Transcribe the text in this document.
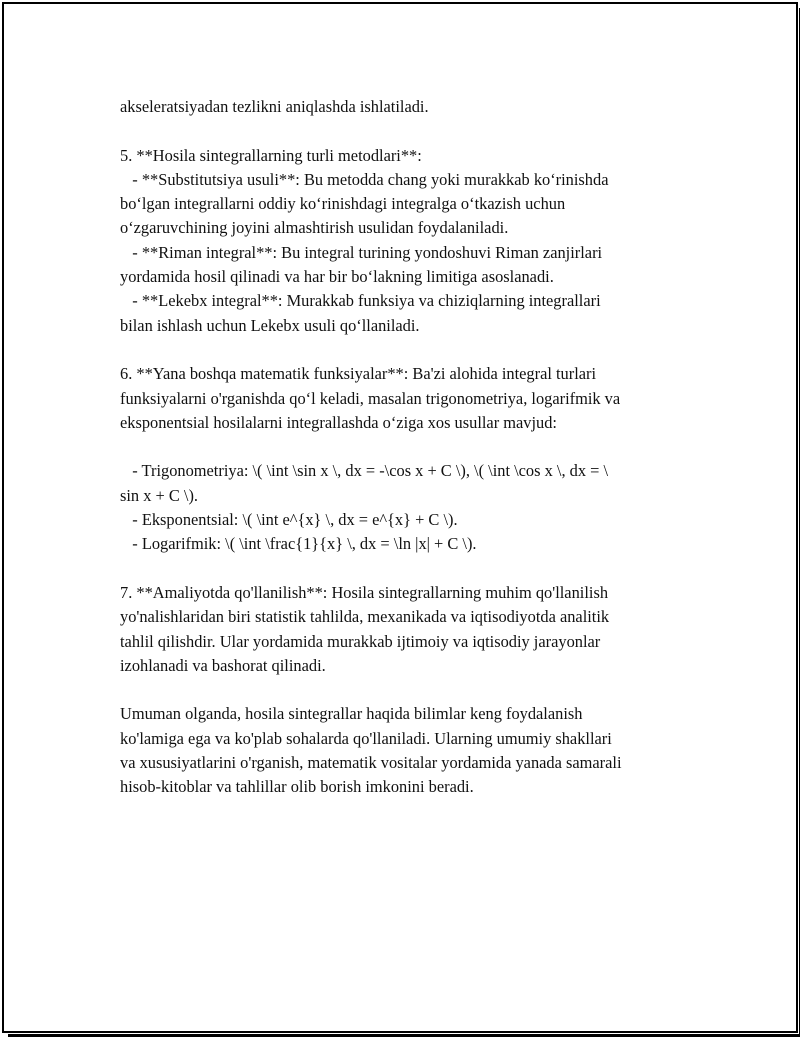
akseleratsiyadan tezlikni aniqlashda ishlatiladi.

5. **Hosila sintegrallarning turli metodlari**:
- **Substitutsiya usuli**: Bu metodda chang yoki murakkab ko‘rinishda
bo‘lgan integrallarni oddiy ko‘rinishdagi integralga o‘tkazish uchun
o‘zgaruvchining joyini almashtirish usulidan foydalaniladi.
- **Riman integral**: Bu integral turining yondoshuvi Riman zanjirlari
yordamida hosil qilinadi va har bir bo‘lakning limitiga asoslanadi.
- **Lekebx integral**: Murakkab funksiya va chiziqlarning integrallari
bilan ishlash uchun Lekebx usuli qo‘llaniladi.

6. **Yana boshqa matematik funksiyalar**: Ba'zi alohida integral turlari
funksiyalarni o'rganishda qo‘l keladi, masalan trigonometriya, logarifmik va
eksponentsial hosilalarni integrallashda o‘ziga xos usullar mavjud:

- Trigonometriya: \( \int \sin x \, dx = -\cos x + C \), \( \int \cos x \, dx = \
sin x + C \).
- Eksponentsial: \( \int e^{x} \, dx = e^{x} + C \).
- Logarifmik: \( \int \frac{1}{x} \, dx = \ln |x| + C \).

7. **Amaliyotda qo'llanilish**: Hosila sintegrallarning muhim qo'llanilish
yo'nalishlaridan biri statistik tahlilda, mexanikada va iqtisodiyotda analitik
tahlil qilishdir. Ular yordamida murakkab ijtimoiy va iqtisodiy jarayonlar
izohlanadi va bashorat qilinadi.

Umuman olganda, hosila sintegrallar haqida bilimlar keng foydalanish
ko'lamiga ega va ko'plab sohalarda qo'llaniladi. Ularning umumiy shakllari
va xususiyatlarini o'rganish, matematik vositalar yordamida yanada samarali
hisob-kitoblar va tahlillar olib borish imkonini beradi.
